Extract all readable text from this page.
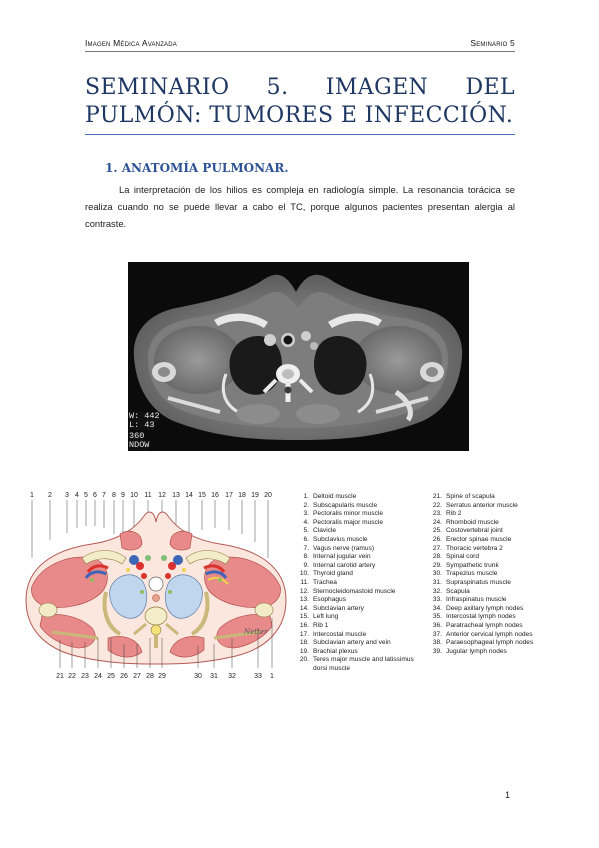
Imagen Médica Avanzada	Seminario 5
SEMINARIO 5. IMAGEN DEL PULMÓN: TUMORES E INFECCIÓN.
1. ANATOMÍA PULMONAR.
La interpretación de los hilios es compleja en radiología simple. La resonancia torácica se realiza cuando no se puede llevar a cabo el TC, porque algunos pacientes presentan alergia al contraste.
W: 442
L: 43
360
NDOW
1 2 3 4 5 6 7 8 9 10 11 12 13 14 15 16 17 18 19 20
Netter
21 22 23 24 25 26 27 28 29	30 31 32	33 1
1. Deltoid muscle
2. Subscapularis muscle
3. Pectoralis minor muscle
4. Pectoralis major muscle
5. Clavicle
6. Subclavius muscle
7. Vagus nerve (ramus)
8. Internal jugular vein
9. Internal carotid artery
10. Thyroid gland
11. Trachea
12. Sternocleidomastoid muscle
13. Esophagus
14. Subclavian artery
15. Left lung
16. Rib 1
17. Intercostal muscle
18. Subclavian artery and vein
19. Brachial plexus
20. Teres major muscle and latissimus dorsi muscle
21. Spine of scapula
22. Serratus anterior muscle
23. Rib 2
24. Rhomboid muscle
25. Costovertebral joint
26. Erector spinae muscle
27. Thoracic vertebra 2
28. Spinal cord
29. Sympathetic trunk
30. Trapezius muscle
31. Supraspinatus muscle
32. Scapula
33. Infraspinatus muscle
34. Deep axillary lymph nodes
35. Intercostal lymph nodes
36. Paratracheal lymph nodes
37. Anterior cervical lymph nodes
38. Paraesophageal lymph nodes
39. Jugular lymph nodes
1
